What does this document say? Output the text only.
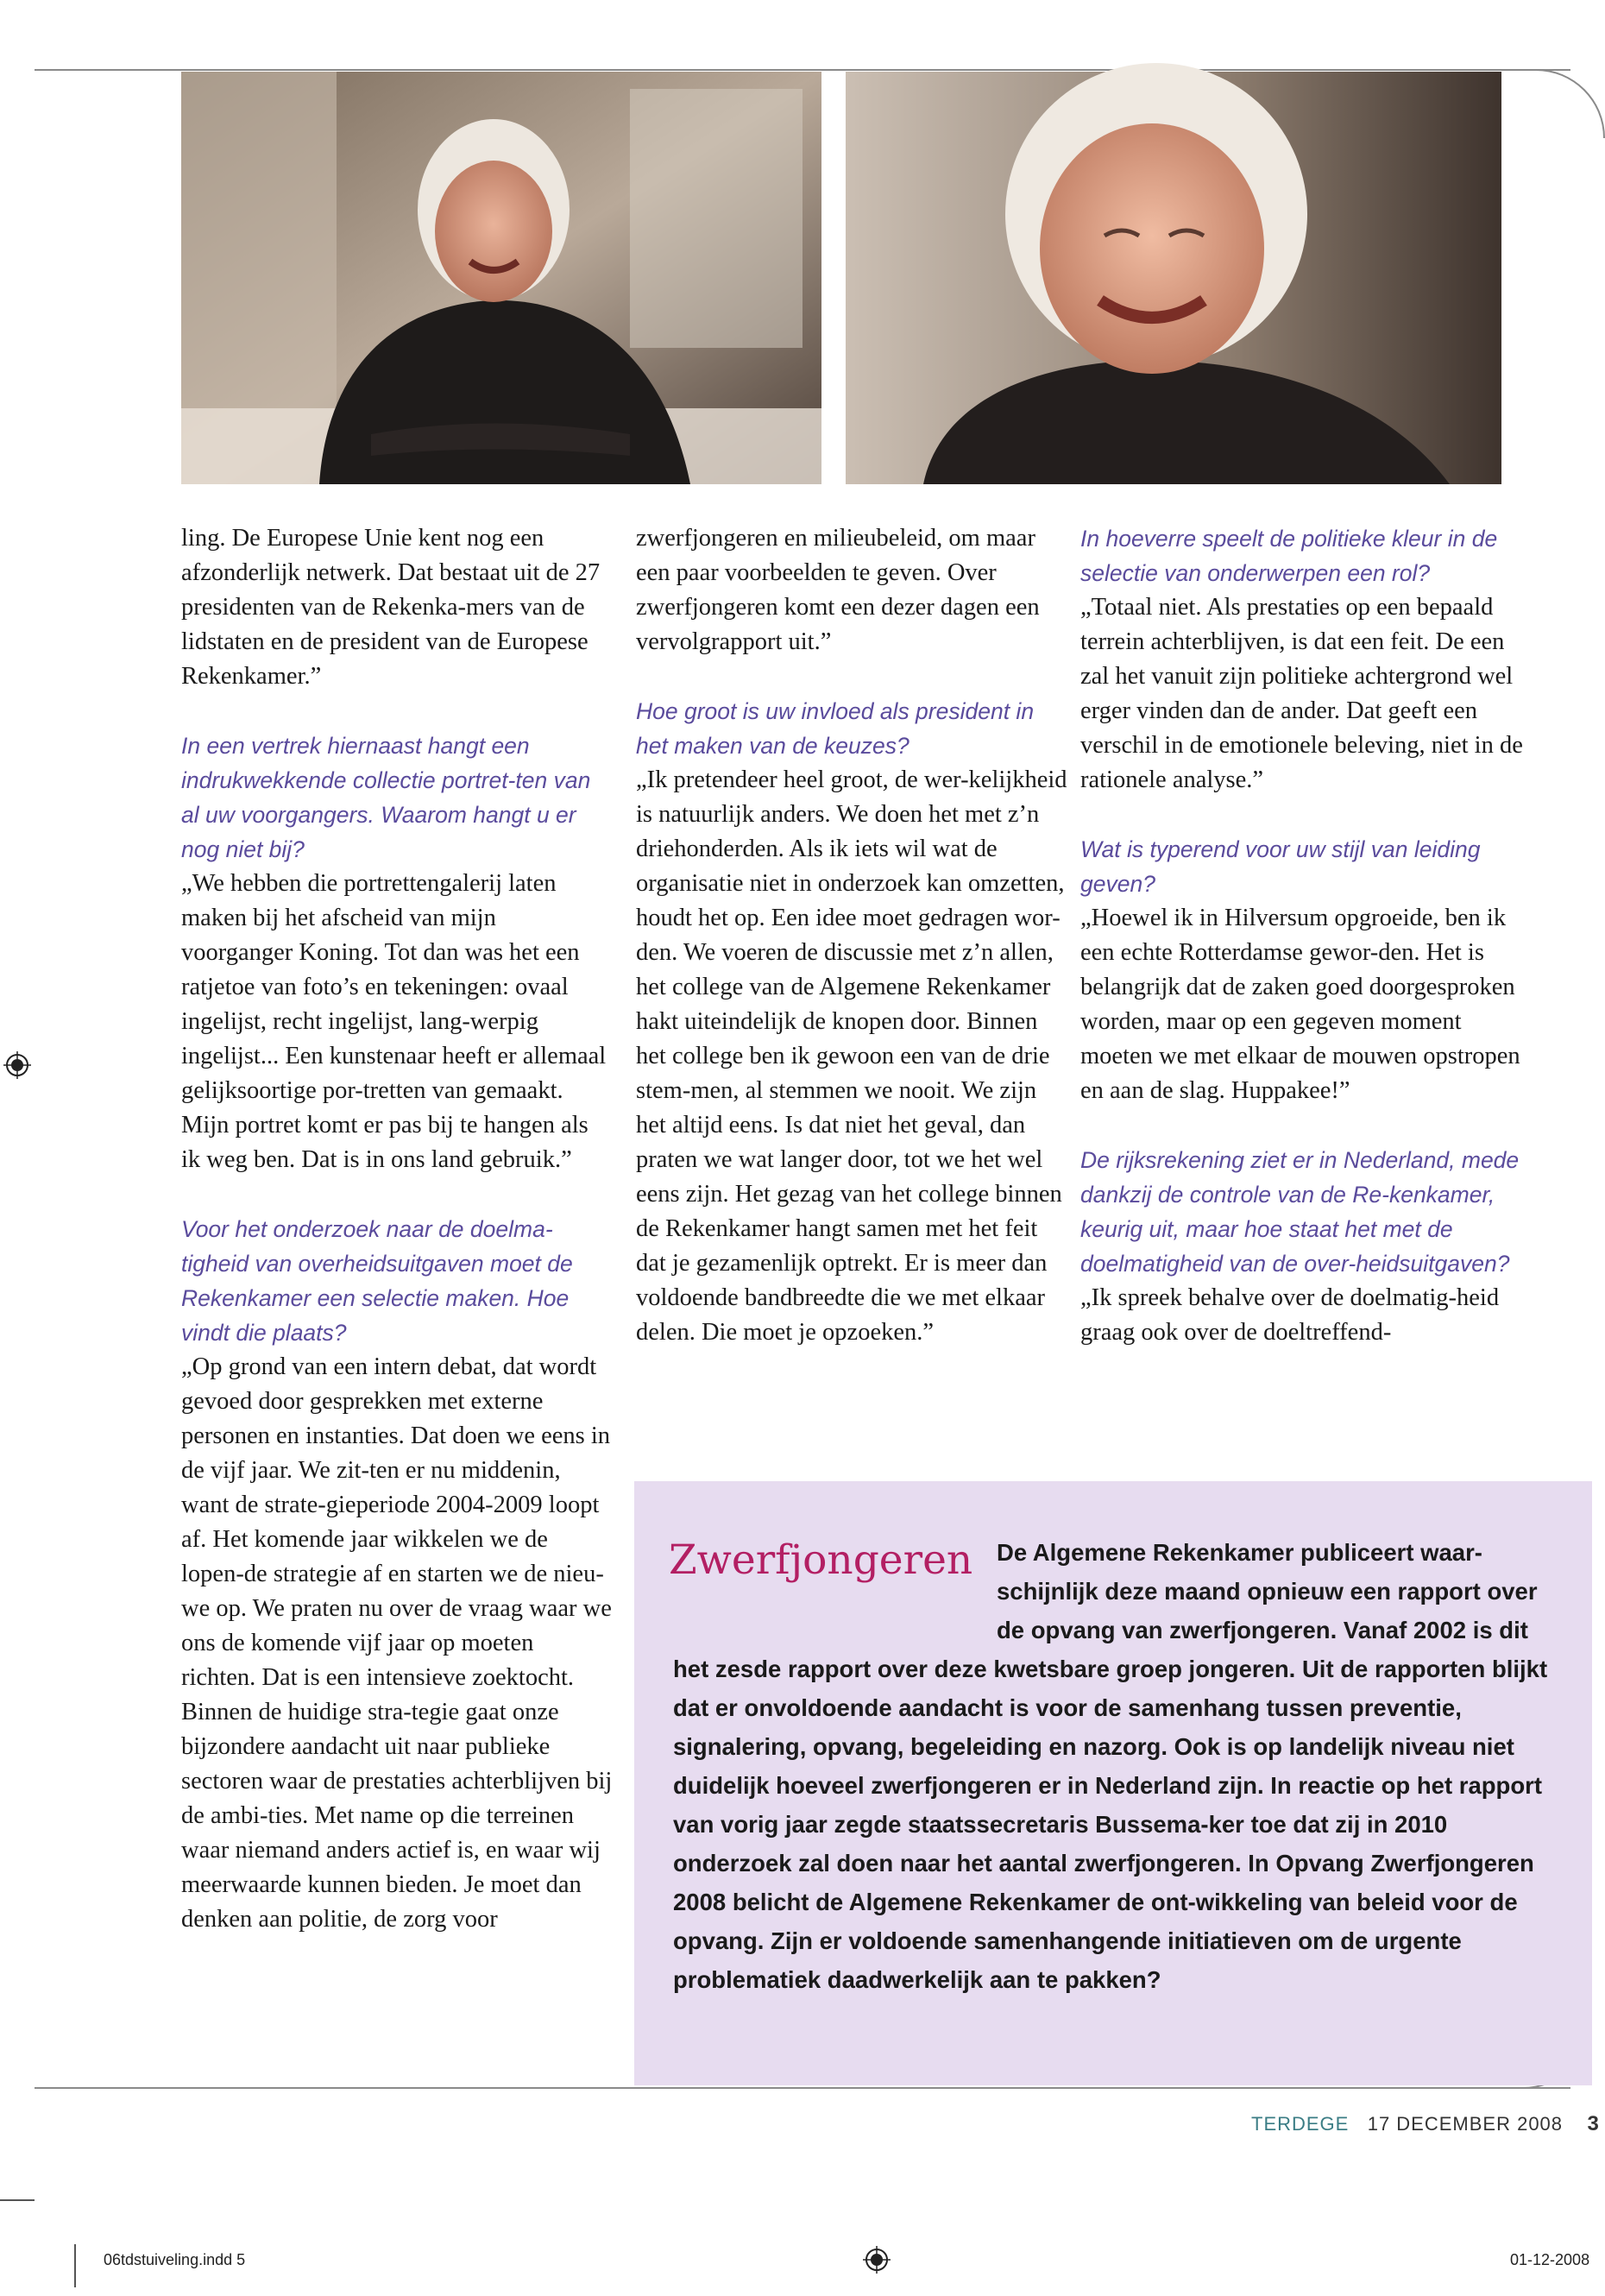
ling. De Europese Unie kent nog een afzonderlijk netwerk. Dat bestaat uit de 27 presidenten van de Rekenka-mers van de lidstaten en de president van de Europese Rekenkamer.”

In een vertrek hiernaast hangt een indrukwekkende collectie portret-ten van al uw voorgangers. Waarom hangt u er nog niet bij?

„We hebben die portrettengalerij laten maken bij het afscheid van mijn voorganger Koning. Tot dan was het een ratjetoe van foto’s en tekeningen: ovaal ingelijst, recht ingelijst, lang-werpig ingelijst... Een kunstenaar heeft er allemaal gelijksoortige por-tretten van gemaakt. Mijn portret komt er pas bij te hangen als ik weg ben. Dat is in ons land gebruik.”

Voor het onderzoek naar de doelma-tigheid van overheidsuitgaven moet de Rekenkamer een selectie maken. Hoe vindt die plaats?

„Op grond van een intern debat, dat wordt gevoed door gesprekken met externe personen en instanties. Dat doen we eens in de vijf jaar. We zit-ten er nu middenin, want de strate-gieperiode 2004-2009 loopt af. Het komende jaar wikkelen we de lopen-de strategie af en starten we de nieu-we op. We praten nu over de vraag waar we ons de komende vijf jaar op moeten richten. Dat is een intensieve zoektocht. Binnen de huidige stra-tegie gaat onze bijzondere aandacht uit naar publieke sectoren waar de prestaties achterblijven bij de ambi-ties. Met name op die terreinen waar niemand anders actief is, en waar wij meerwaarde kunnen bieden. Je moet dan denken aan politie, de zorg voor

zwerfjongeren en milieubeleid, om maar een paar voorbeelden te geven. Over zwerfjongeren komt een dezer dagen een vervolgrapport uit.”

Hoe groot is uw invloed als president in het maken van de keuzes?

„Ik pretendeer heel groot, de wer-kelijkheid is natuurlijk anders. We doen het met z’n driehonderden. Als ik iets wil wat de organisatie niet in onderzoek kan omzetten, houdt het op. Een idee moet gedragen wor-den. We voeren de discussie met z’n allen, het college van de Algemene Rekenkamer hakt uiteindelijk de knopen door. Binnen het college ben ik gewoon een van de drie stem-men, al stemmen we nooit. We zijn het altijd eens. Is dat niet het geval, dan praten we wat langer door, tot we het wel eens zijn. Het gezag van het college binnen de Rekenkamer hangt samen met het feit dat je gezamenlijk optrekt. Er is meer dan voldoende bandbreedte die we met elkaar delen. Die moet je opzoeken.”

In hoeverre speelt de politieke kleur in de selectie van onderwerpen een rol?

„Totaal niet. Als prestaties op een bepaald terrein achterblijven, is dat een feit. De een zal het vanuit zijn politieke achtergrond wel erger vinden dan de ander. Dat geeft een verschil in de emotionele beleving, niet in de rationele analyse.”

Wat is typerend voor uw stijl van leiding geven?

„Hoewel ik in Hilversum opgroeide, ben ik een echte Rotterdamse gewor-den. Het is belangrijk dat de zaken goed doorgesproken worden, maar op een gegeven moment moeten we met elkaar de mouwen opstropen en aan de slag. Huppakee!”

De rijksrekening ziet er in Nederland, mede dankzij de controle van de Re-kenkamer, keurig uit, maar hoe staat het met de doelmatigheid van de over-heidsuitgaven?

„Ik spreek behalve over de doelmatig-heid graag ook over de doeltreffend-

Zwerfjongeren	De Algemene Rekenkamer publiceert waar-schijnlijk deze maand opnieuw een rapport over de opvang van zwerfjongeren. Vanaf 2002 is dit het zesde rapport over deze kwetsbare groep jongeren. Uit de rapporten blijkt dat er onvoldoende aandacht is voor de samenhang tussen preventie, signalering, opvang, begeleiding en nazorg. Ook is op landelijk niveau niet duidelijk hoeveel zwerfjongeren er in Nederland zijn. In reactie op het rapport van vorig jaar zegde staatssecretaris Bussema-ker toe dat zij in 2010 onderzoek zal doen naar het aantal zwerfjongeren. In Opvang Zwerfjongeren 2008 belicht de Algemene Rekenkamer de ont-wikkeling van beleid voor de opvang. Zijn er voldoende samenhangende initiatieven om de urgente problematiek daadwerkelijk aan te pakken?
TERDEGE 17 DECEMBER 2008 3
06tdstuiveling.indd 5	01-12-2008
